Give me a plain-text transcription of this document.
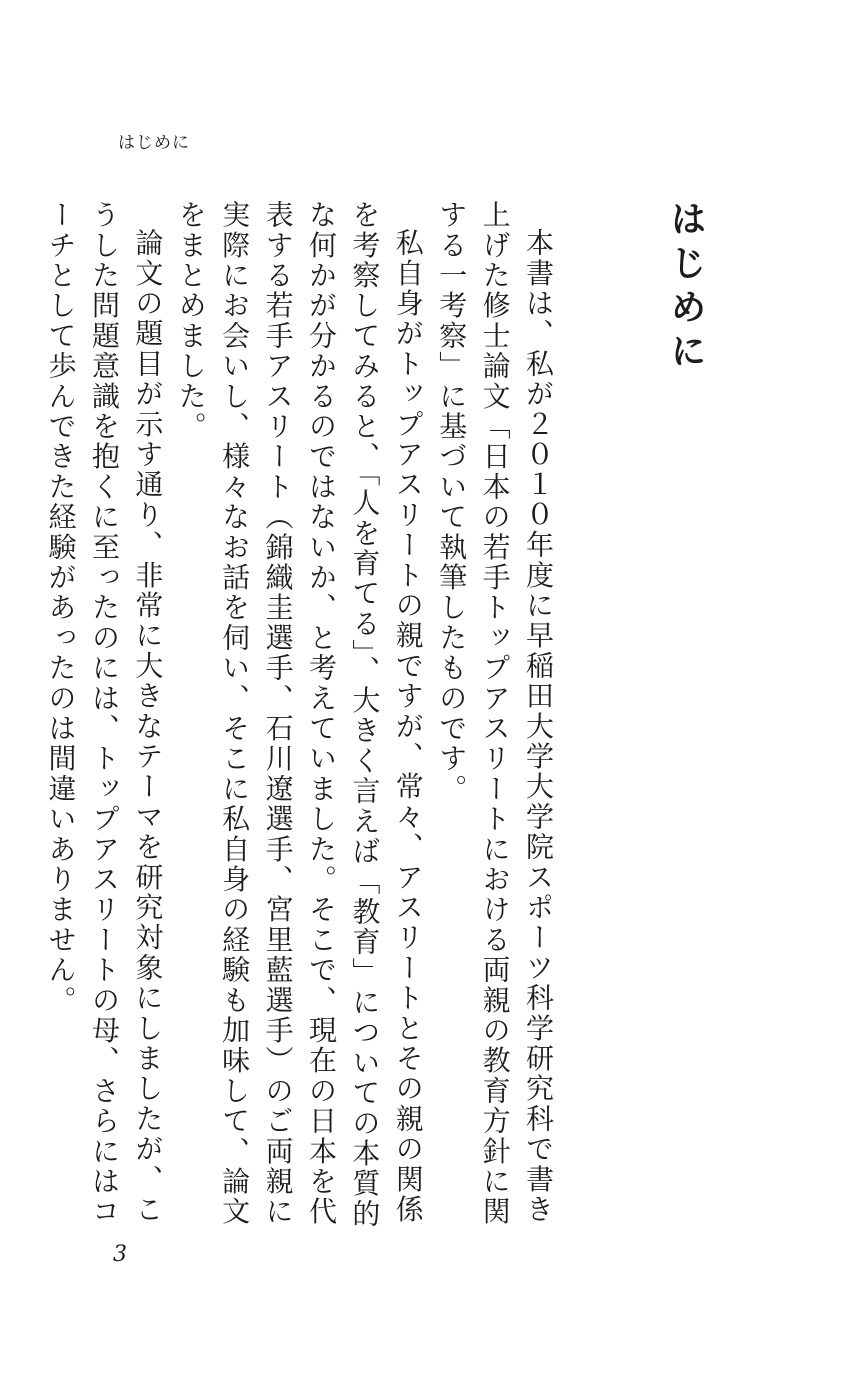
はじめに
はじめに

本書は、私が２０１０年度に早稲田大学大学院スポーツ科学研究科で書き上げた修士論文「日本の若手トップアスリートにおける両親の教育方針に関する一考察」に基づいて執筆したものです。

私自身がトップアスリートの親ですが、常々、アスリートとその親の関係を考察してみると、「人を育てる」、大きく言えば「教育」についての本質的な何かが分かるのではないか、と考えていました。そこで、現在の日本を代表する若手アスリート（錦織圭選手、石川遼選手、宮里藍選手）のご両親に実際にお会いし、様々なお話を伺い、そこに私自身の経験も加味して、論文をまとめました。

論文の題目が示す通り、非常に大きなテーマを研究対象にしましたが、こうした問題意識を抱くに至ったのには、トップアスリートの母、さらにはコーチとして歩んできた経験があったのは間違いありません。

3
